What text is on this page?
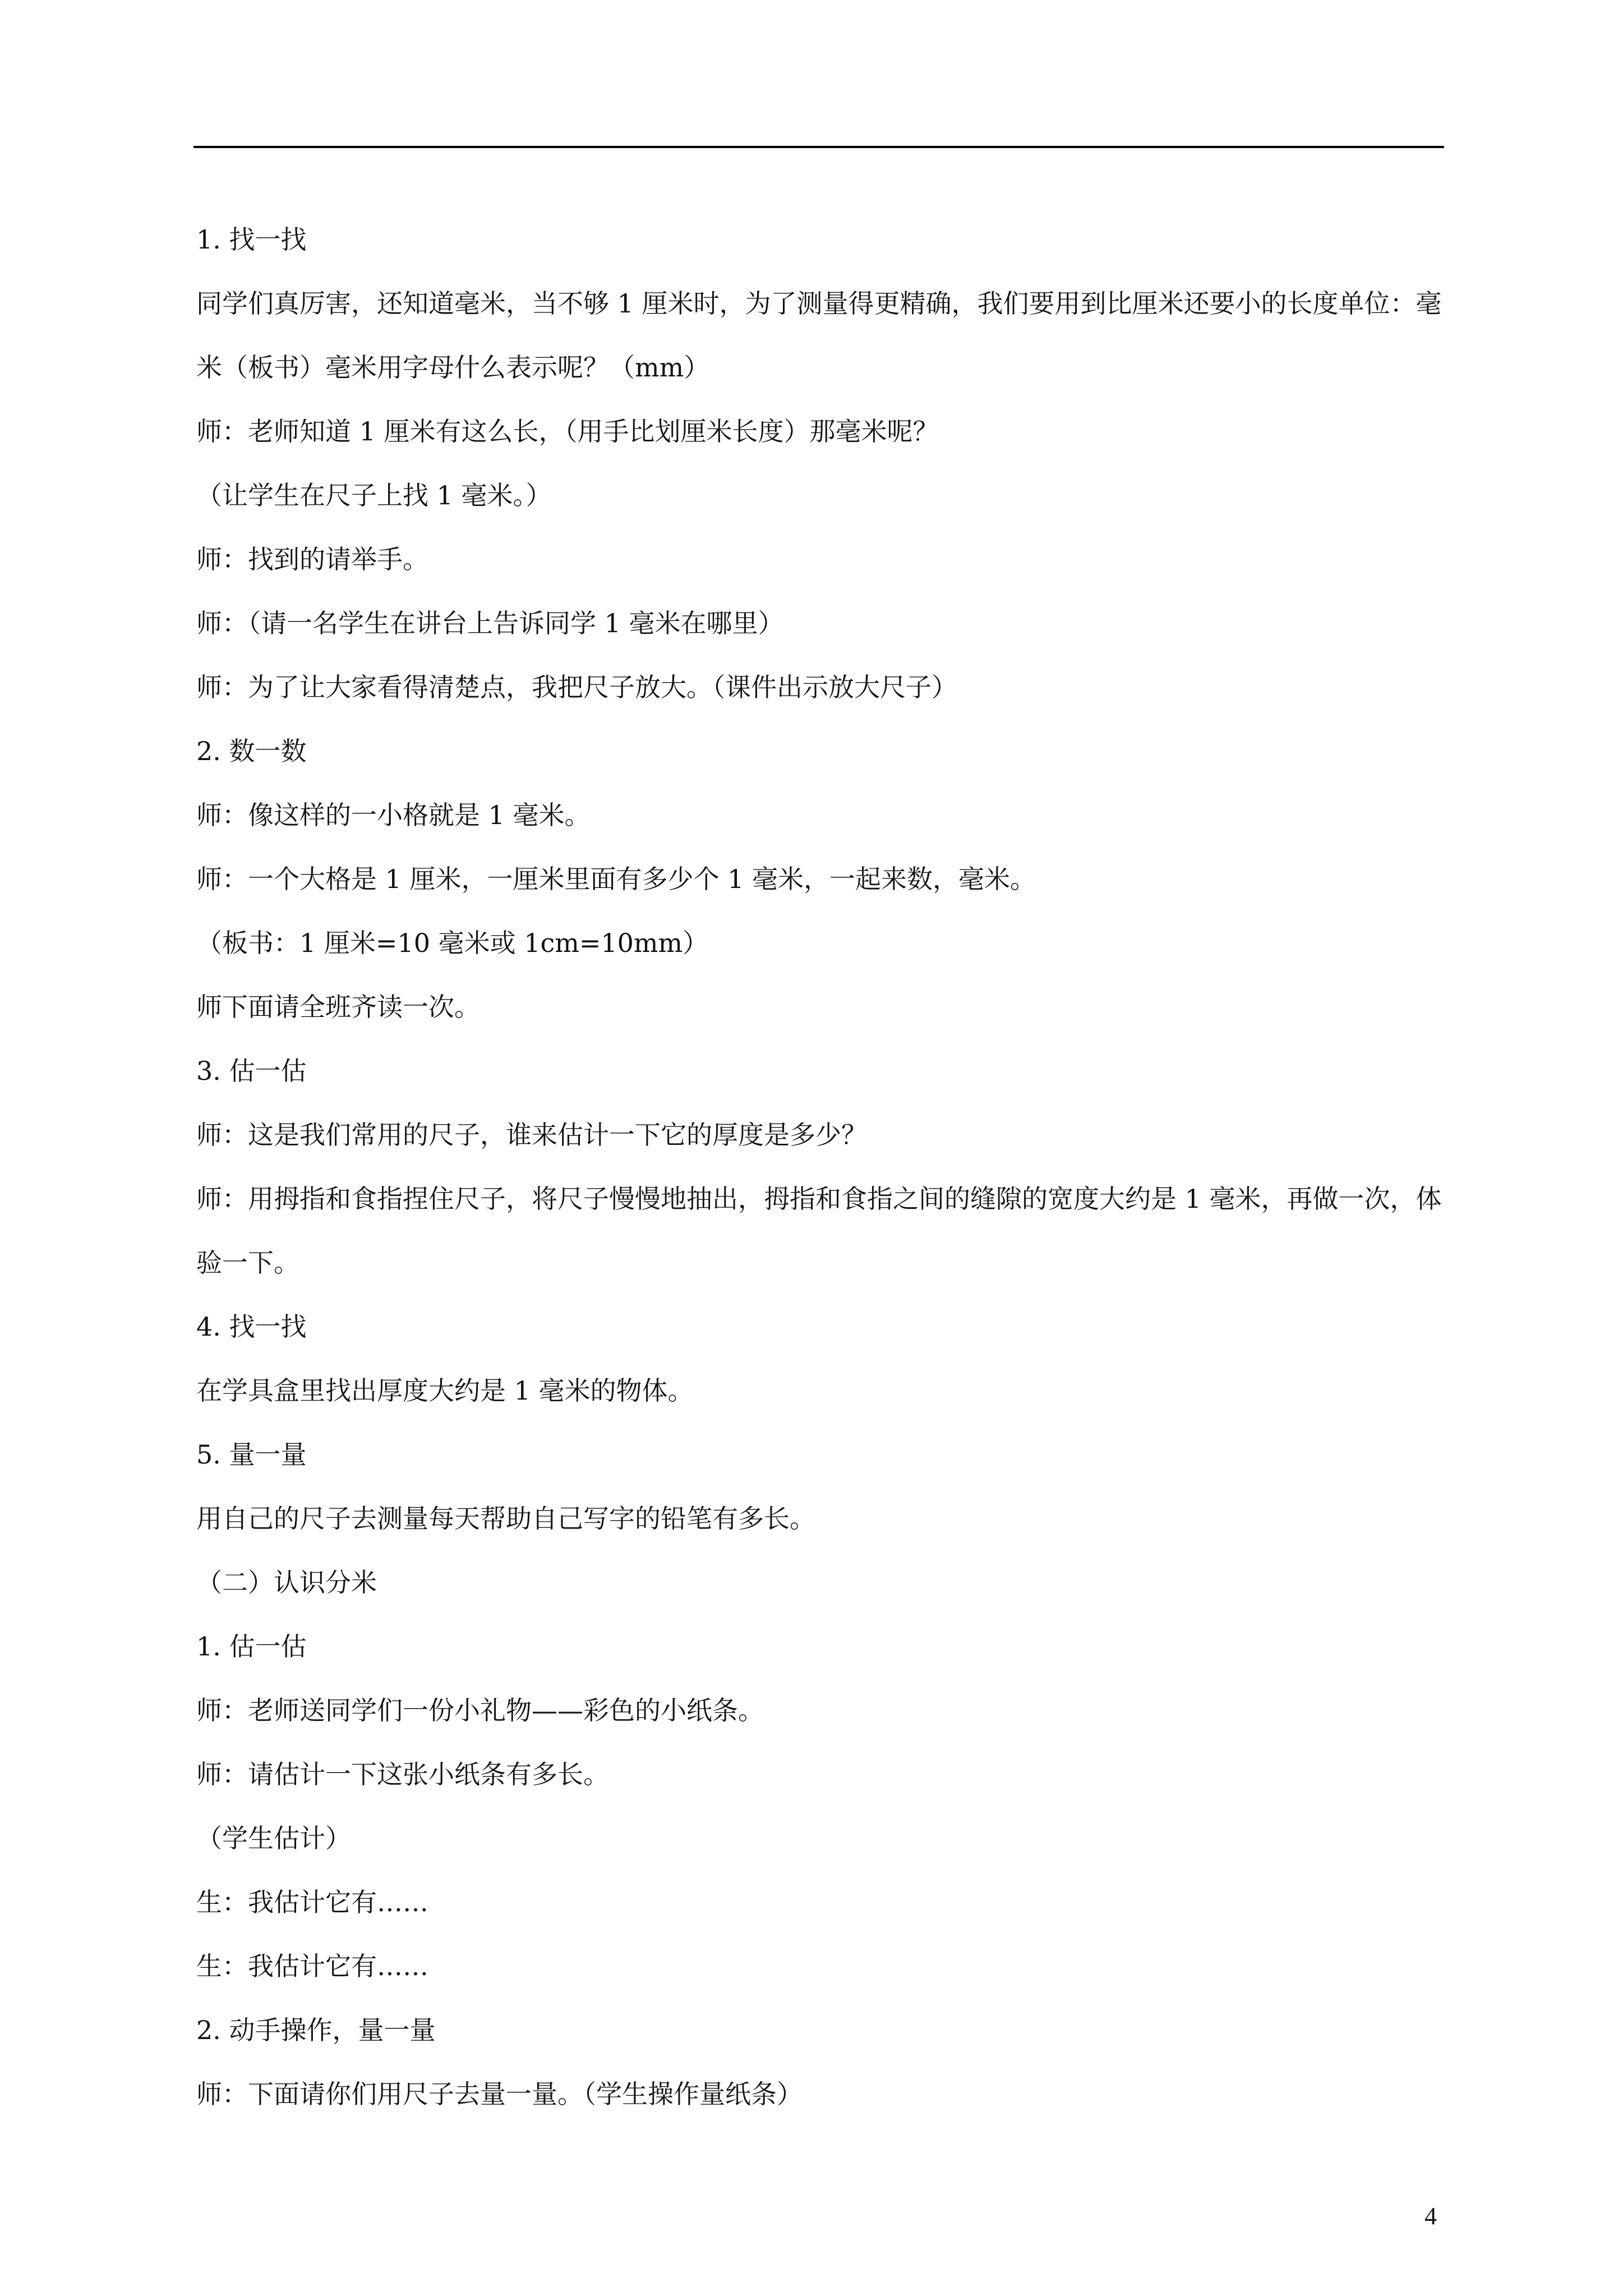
1. 找一找

同学们真厉害，还知道毫米，当不够 1 厘米时，为了测量得更精确，我们要用到比厘米还要小的长度单位：毫米（板书）毫米用字母什么表示呢？（mm）

师：老师知道 1 厘米有这么长，（用手比划厘米长度）那毫米呢？

（让学生在尺子上找 1 毫米。）

师：找到的请举手。

师：（请一名学生在讲台上告诉同学 1 毫米在哪里）

师：为了让大家看得清楚点，我把尺子放大。（课件出示放大尺子）

2. 数一数

师：像这样的一小格就是 1 毫米。

师：一个大格是 1 厘米，一厘米里面有多少个 1 毫米，一起来数，毫米。

（板书：1 厘米=10 毫米或 1cm=10mm）

师下面请全班齐读一次。

3. 估一估

师：这是我们常用的尺子，谁来估计一下它的厚度是多少？

师：用拇指和食指捏住尺子，将尺子慢慢地抽出，拇指和食指之间的缝隙的宽度大约是 1 毫米，再做一次，体验一下。

4. 找一找

在学具盒里找出厚度大约是 1 毫米的物体。

5. 量一量

用自己的尺子去测量每天帮助自己写字的铅笔有多长。

（二）认识分米

1. 估一估

师：老师送同学们一份小礼物——彩色的小纸条。

师：请估计一下这张小纸条有多长。

（学生估计）

生：我估计它有……

生：我估计它有……

2. 动手操作，量一量

师：下面请你们用尺子去量一量。（学生操作量纸条）

4
